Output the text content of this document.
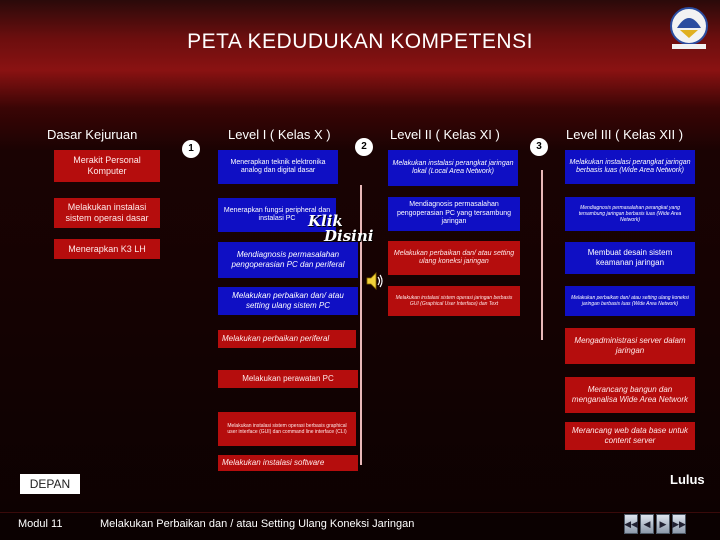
PETA KEDUDUKAN KOMPETENSI
Dasar Kejuruan
1
Level I ( Kelas X )
2
Level II ( Kelas XI )
3
Level III ( Kelas XII )
Merakit Personal Komputer
Melakukan instalasi sistem operasi dasar
Menerapkan K3 LH
Menerapkan teknik elektronika analog dan digital dasar
Menerapkan fungsi peripheral dan instalasi PC
Mendiagnosis permasalahan pengoperasian PC dan periferal
Melakukan perbaikan dan/ atau setting ulang sistem PC
Melakukan perbaikan periferal
Melakukan perawatan PC
Melakukan instalasi sistem operasi berbasis graphical user interface (GUI) dan command line interface (CLI)
Melakukan instalasi software
Klik
Disini
Melakukan instalasi perangkat jaringan lokal (Local Area Network)
Mendiagnosis permasalahan pengoperasian PC yang tersambung jaringan
Melakukan perbaikan dan/ atau setting ulang koneksi jaringan
Melakukan instalasi sistem operasi jaringan berbasis GUI (Graphical User Interface) dan Text
Melakukan instalasi perangkat jaringan berbasis luas (Wide Area Network)
Mendiagnosis permasalahan perangkat yang tersambung jaringan berbasis luas (Wide Area Network)
Membuat desain sistem keamanan jaringan
Melakukan perbaikan dan/ atau setting ulang koneksi jaringan berbasis luas (Wide Area Network)
Mengadministrasi server dalam jaringan
Merancang bangun dan menganalisa Wide Area Network
Merancang web data base untuk content server
DEPAN	Lulus
Modul 11	Melakukan Perbaikan dan / atau Setting Ulang Koneksi Jaringan	◀◀ ◀	▶ ▶▶
